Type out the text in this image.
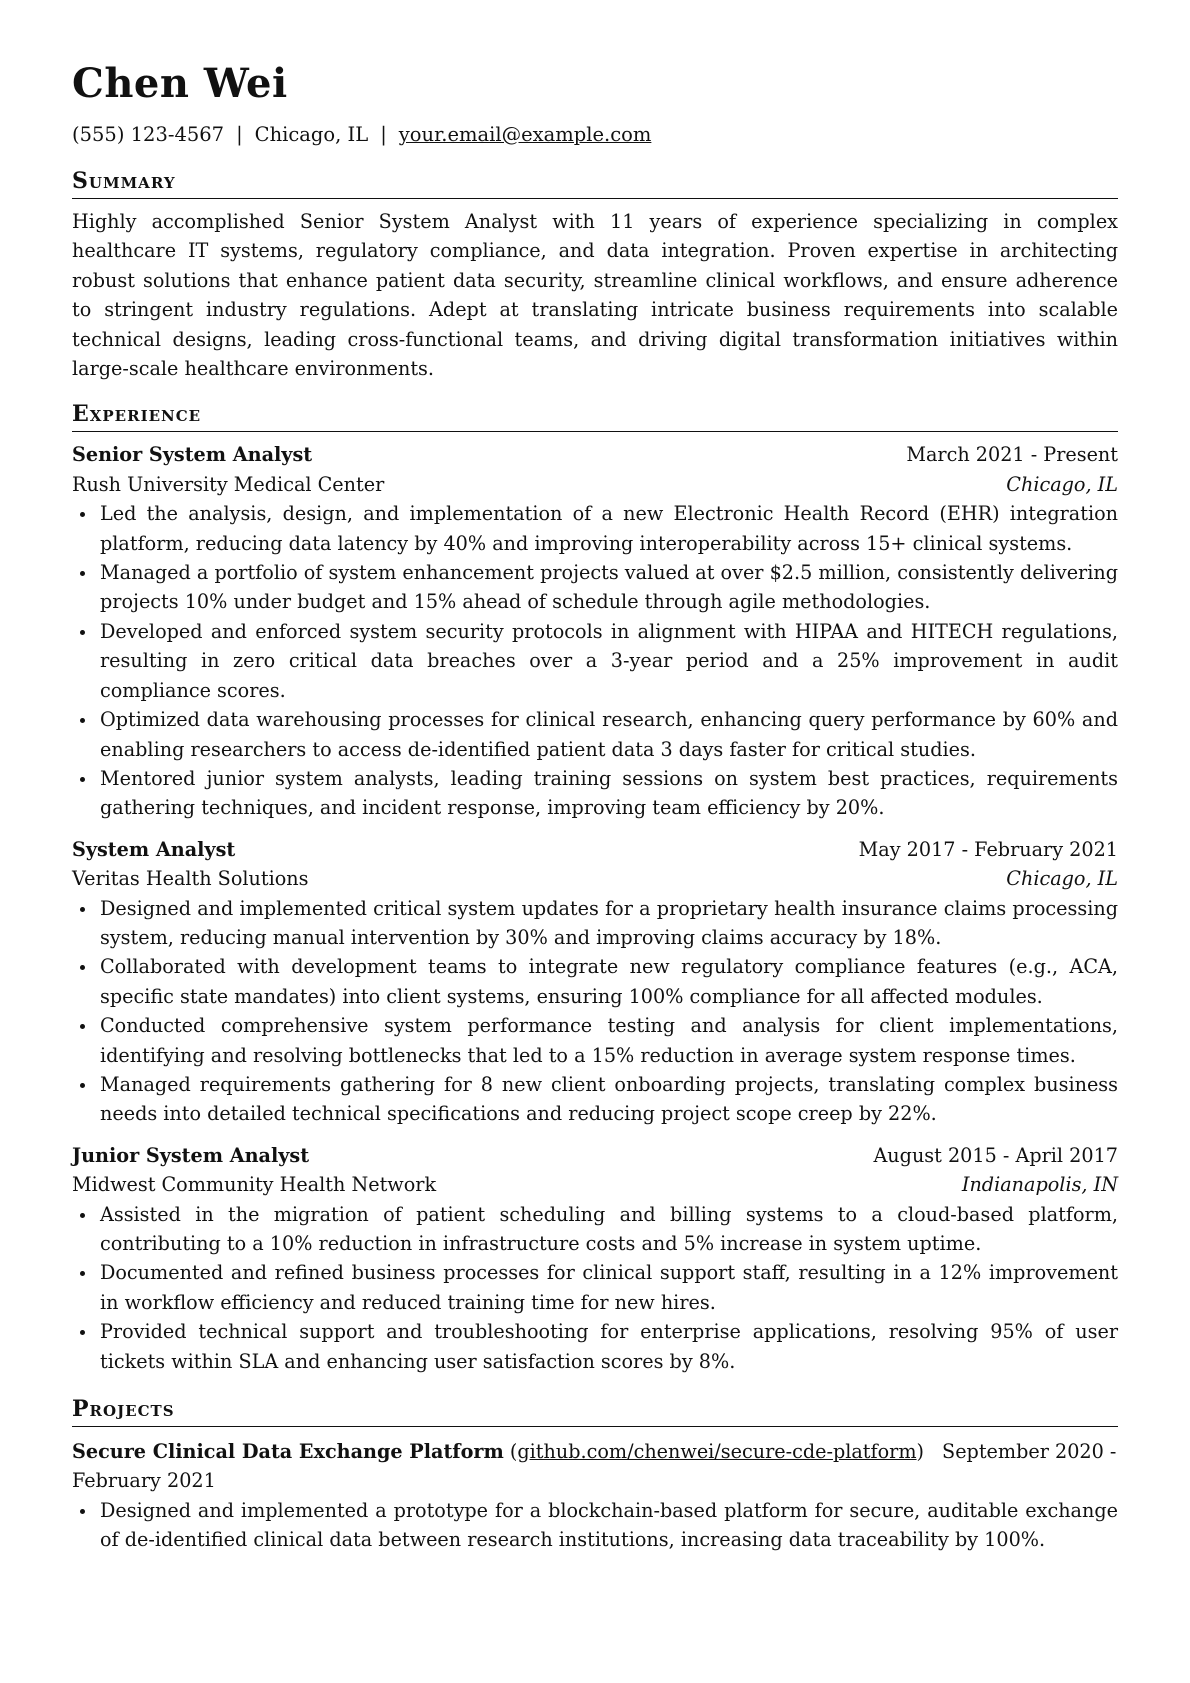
Chen Wei
(555) 123-4567 | Chicago, IL | your.email@example.com
Summary

Highly accomplished Senior System Analyst with 11 years of experience specializing in complex healthcare IT systems, regulatory compliance, and data integration. Proven expertise in architecting robust solutions that enhance patient data security, streamline clinical workflows, and ensure adherence to stringent industry regulations. Adept at translating intricate business requirements into scalable technical designs, leading cross-functional teams, and driving digital transformation initiatives within large-scale healthcare environments.

Experience
Senior System Analyst	March 2021 - Present
Rush University Medical Center	Chicago, IL
Led the analysis, design, and implementation of a new Electronic Health Record (EHR) integration platform, reducing data latency by 40% and improving interoperability across 15+ clinical systems.
Managed a portfolio of system enhancement projects valued at over $2.5 million, consistently delivering projects 10% under budget and 15% ahead of schedule through agile methodologies.
Developed and enforced system security protocols in alignment with HIPAA and HITECH regulations, resulting in zero critical data breaches over a 3-year period and a 25% improvement in audit compliance scores.
Optimized data warehousing processes for clinical research, enhancing query performance by 60% and enabling researchers to access de-identified patient data 3 days faster for critical studies.
Mentored junior system analysts, leading training sessions on system best practices, requirements gathering techniques, and incident response, improving team efficiency by 20%.
System Analyst	May 2017 - February 2021
Veritas Health Solutions	Chicago, IL
Designed and implemented critical system updates for a proprietary health insurance claims processing system, reducing manual intervention by 30% and improving claims accuracy by 18%.
Collaborated with development teams to integrate new regulatory compliance features (e.g., ACA, specific state mandates) into client systems, ensuring 100% compliance for all affected modules.
Conducted comprehensive system performance testing and analysis for client implementations, identifying and resolving bottlenecks that led to a 15% reduction in average system response times.
Managed requirements gathering for 8 new client onboarding projects, translating complex business needs into detailed technical specifications and reducing project scope creep by 22%.
Junior System Analyst	August 2015 - April 2017
Midwest Community Health Network	Indianapolis, IN
Assisted in the migration of patient scheduling and billing systems to a cloud-based platform, contributing to a 10% reduction in infrastructure costs and 5% increase in system uptime.
Documented and refined business processes for clinical support staff, resulting in a 12% improvement in workflow efficiency and reduced training time for new hires.
Provided technical support and troubleshooting for enterprise applications, resolving 95% of user tickets within SLA and enhancing user satisfaction scores by 8%.
Projects
Secure Clinical Data Exchange Platform (github.com/chenwei/secure-cde-platform) September 2020 - February 2021
Designed and implemented a prototype for a blockchain-based platform for secure, auditable exchange of de-identified clinical data between research institutions, increasing data traceability by 100%.
